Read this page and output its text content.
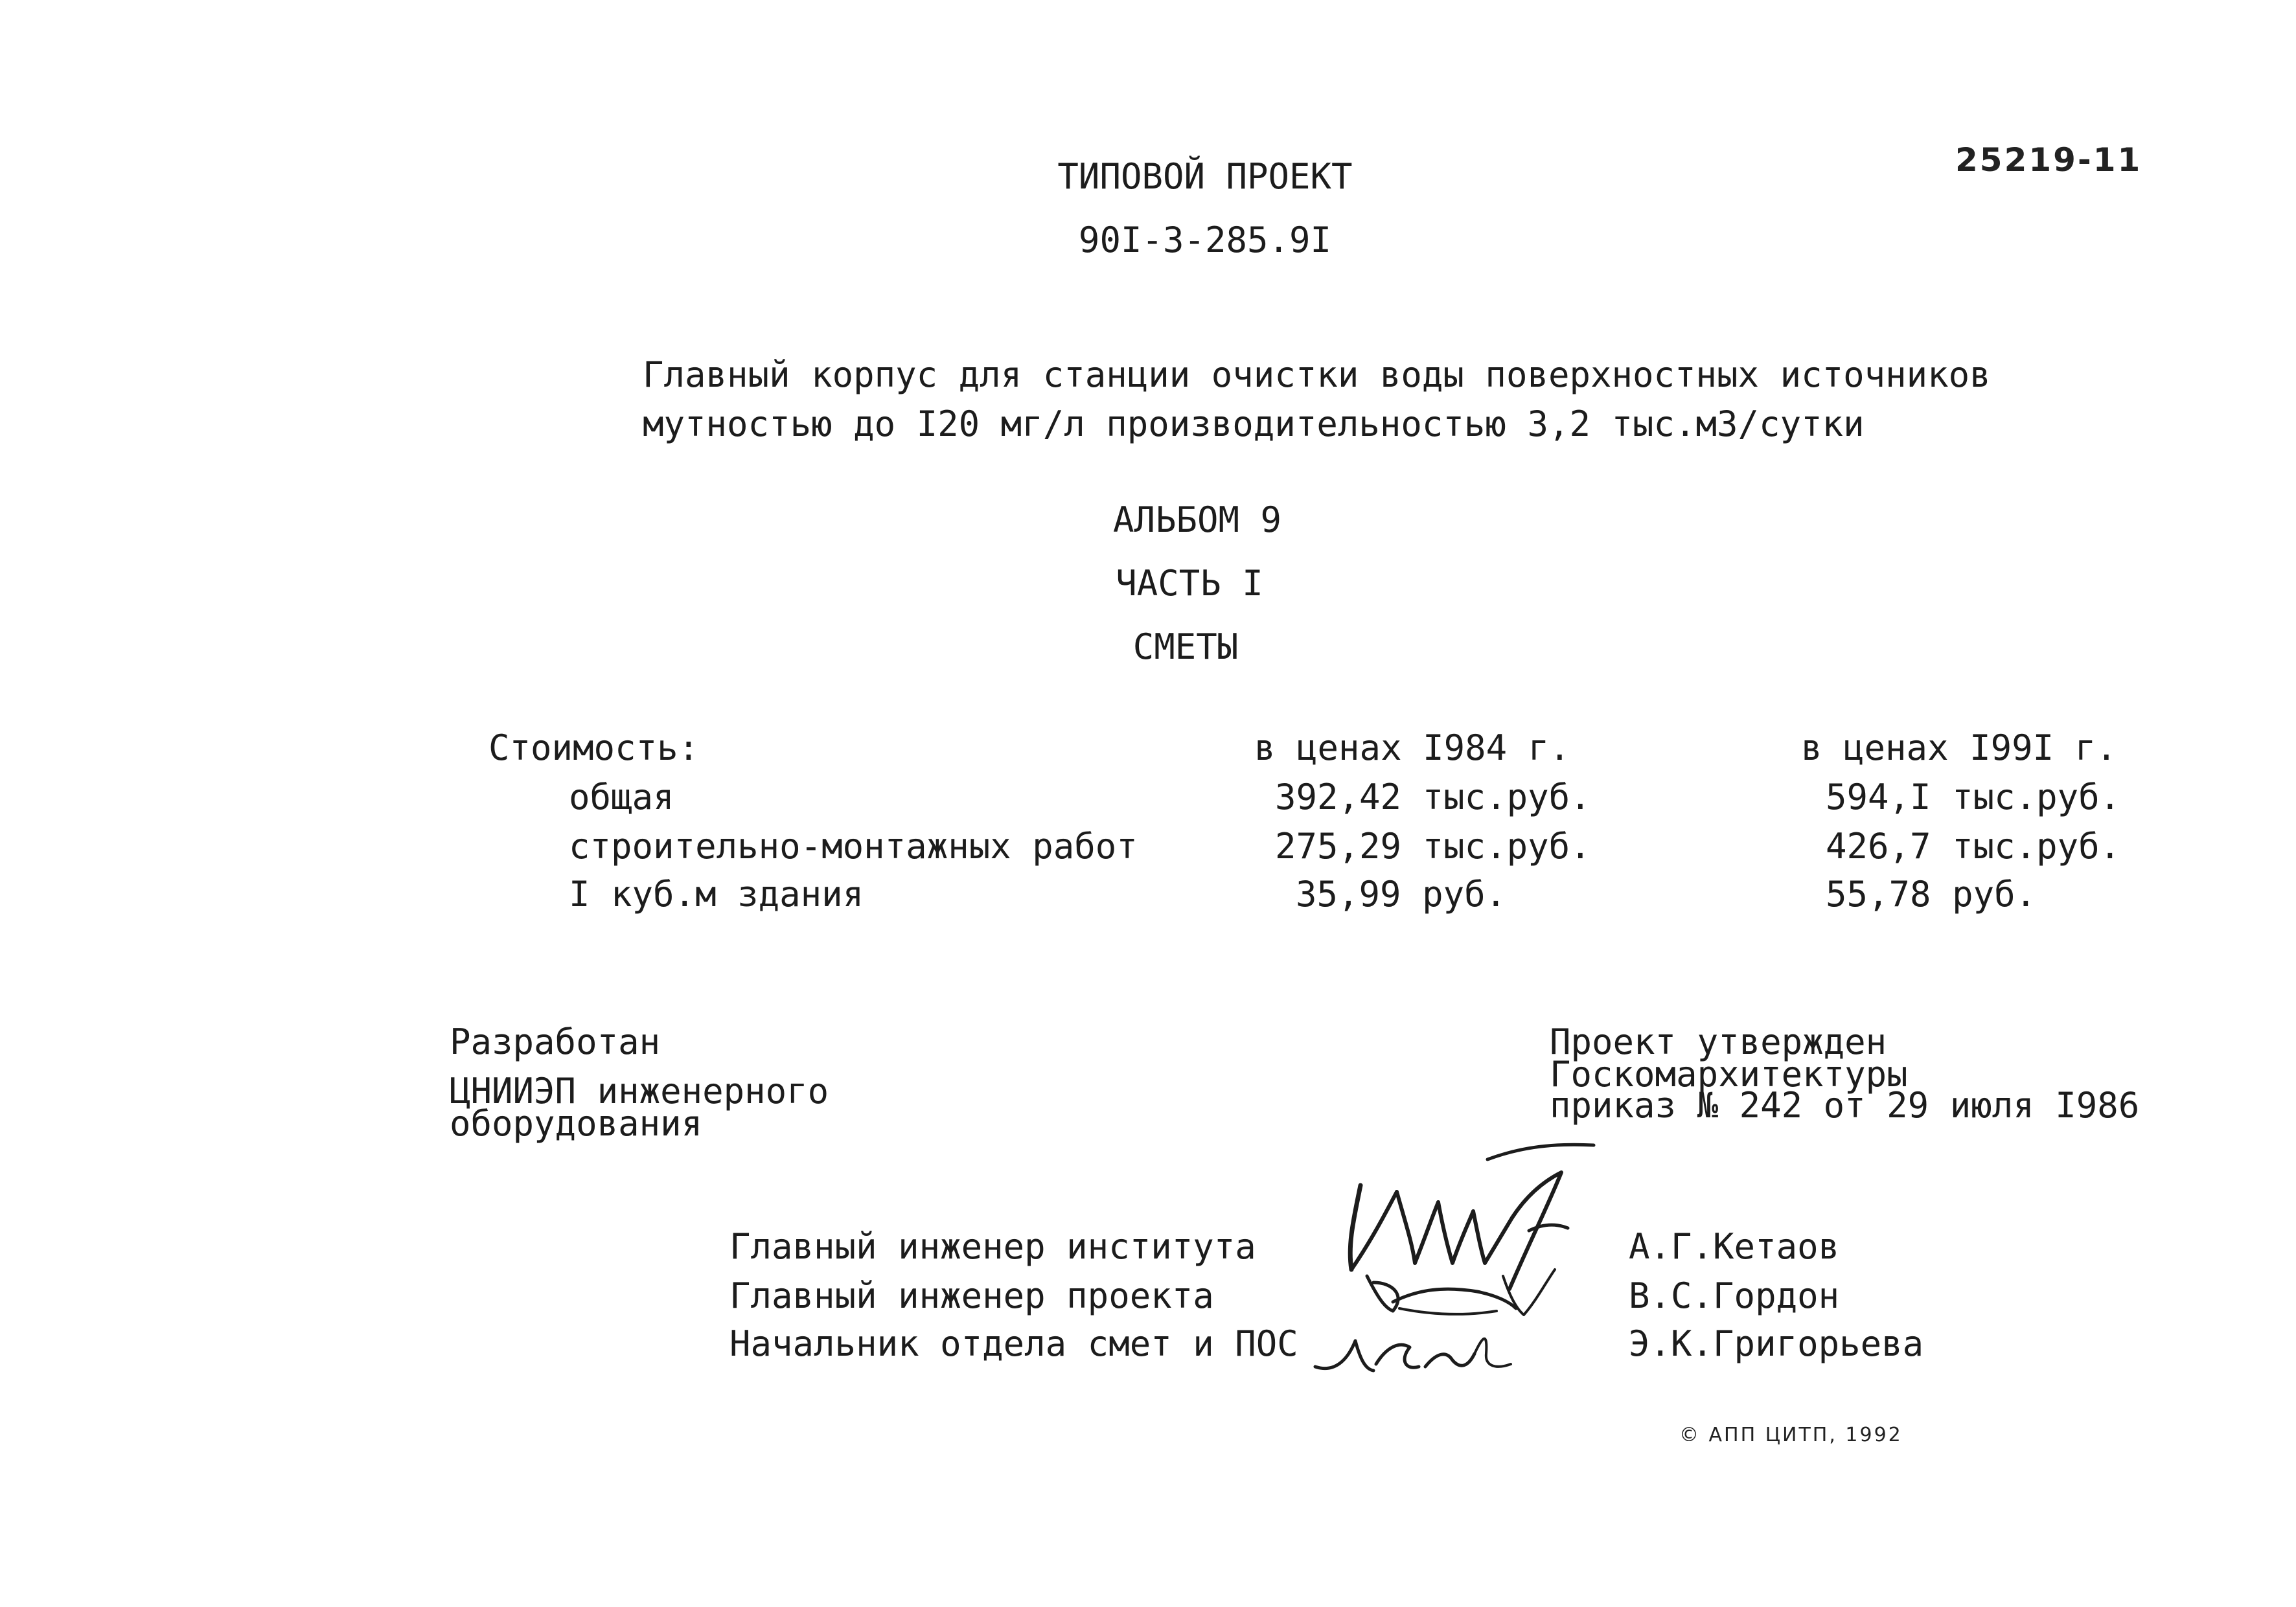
25219-11
ТИПОВОЙ ПРОЕКТ
90I-3-285.9I
Главный корпус для станции очистки воды поверхностных источников
мутностью до I20 мг/л производительностью 3,2 тыс.м3/сутки
АЛЬБОМ 9
ЧАСТЬ I
СМЕТЫ
Стоимость:	в ценах I984 г.	в ценах I99I г.
общая	392,42 тыс.руб.	594,I тыс.руб.
строительно-монтажных работ	275,29 тыс.руб.	426,7 тыс.руб.
I куб.м здания	35,99 руб.	55,78 руб.
Разработан
ЦНИИЭП инженерного
оборудования
Проект утвержден
Госкомархитектуры
приказ № 242 от 29 июля I986
Главный инженер института	А.Г.Кетаов
Главный инженер проекта	В.С.Гордон
Начальник отдела смет и ПОС	Э.К.Григорьева
© АПП ЦИТП, 1992
